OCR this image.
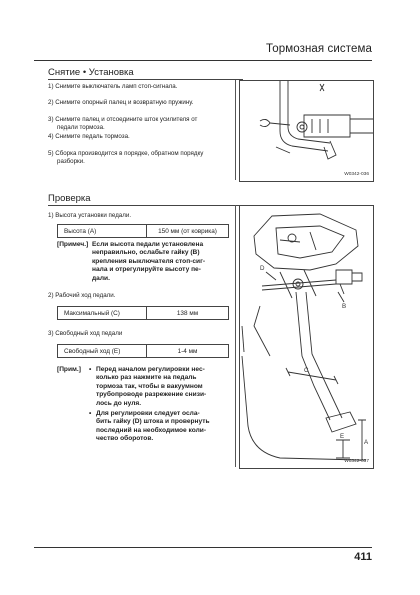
Тормозная система
Снятие • Установка
1) Снимите выключатель ламп стоп-сигнала.
2) Снимите опорный палец и возвратную пружину.
3) Снимите палец и отсоедините шток усилителя от
педали тормоза.
4) Снимите педаль тормоза.
5) Сборка производится в порядке, обратном порядку
разборки.
W0342-036
Проверка
1) Высота установки педали.
Высота (А)	150 мм (от коврика)
[Примеч.] Если высота педали установлена
неправильно, ослабьте гайку (В)
крепления выключателя стоп-сиг-
нала и отрегулируйте высоту пе-
дали.
2) Рабочий ход педали.
Максимальный (С)	138 мм
3) Свободный ход педали
Свободный ход (E)	1-4 мм
[Прим.] • Перед началом регулировки нес-
колько раз нажмите на педаль
тормоза так, чтобы в вакуумном
трубопроводе разрежение снизи-
лось до нуля.
• Для регулировки следует осла-
бить гайку (D) штока и провернуть
последний на необходимое коли-
чество оборотов.
D
B
C
A
E
W0342-037
411
